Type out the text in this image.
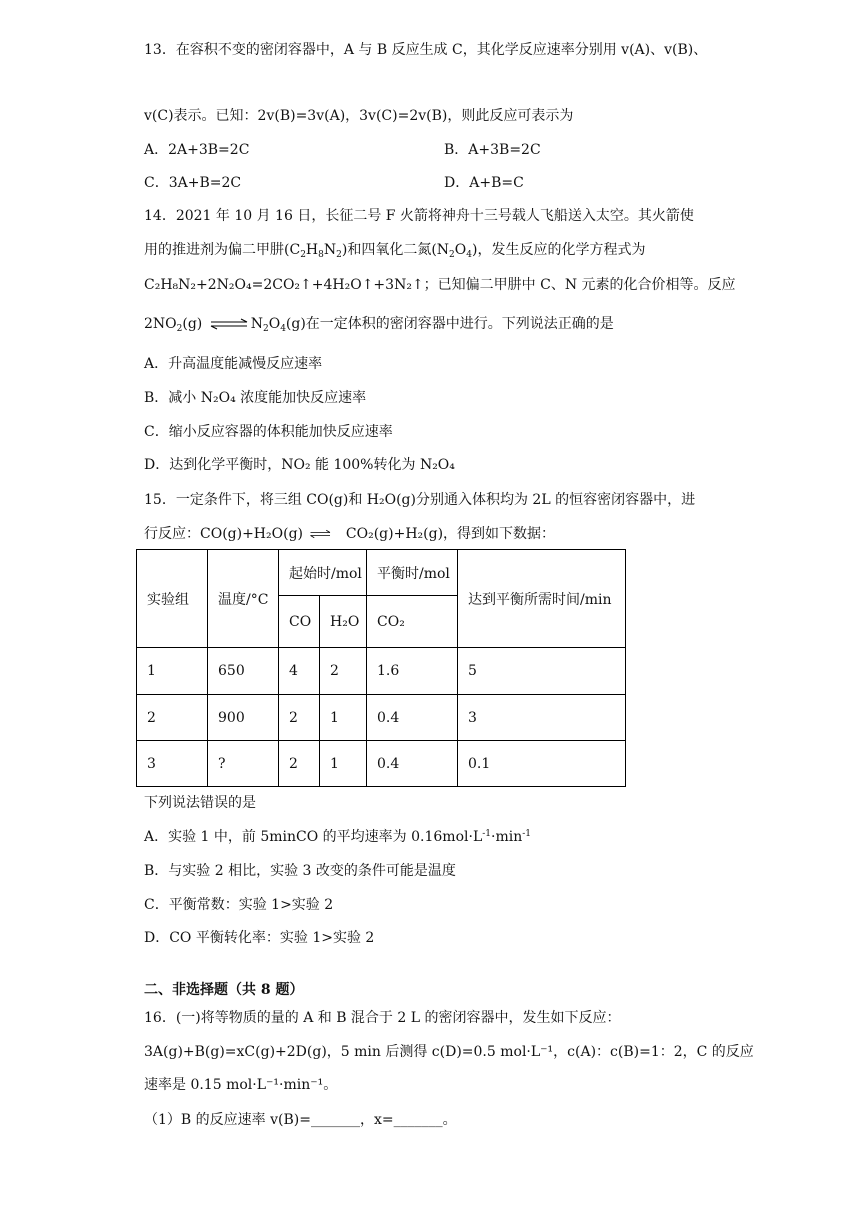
13．在容积不变的密闭容器中，A 与 B 反应生成 C，其化学反应速率分别用 v(A)、v(B)、
v(C)表示。已知：2v(B)=3v(A)，3v(C)=2v(B)，则此反应可表示为
A．2A+3B=2C	B．A+3B=2C
C．3A+B=2C	D．A+B=C
14．2021 年 10 月 16 日，长征二号 F 火箭将神舟十三号载人飞船送入太空。其火箭使
用的推进剂为偏二甲肼$(C_2H_8N_2)$和四氧化二氮$(N_2O_4)$，发生反应的化学方程式为
C₂H₈N₂+2N₂O₄=2CO₂↑+4H₂O↑+3N₂↑；已知偏二甲肼中 C、N 元素的化合价相等。反应
$2NO_2(g)$ ⇌ $N_2O_4(g)$在一定体积的密闭容器中进行。下列说法正确的是
A．升高温度能减慢反应速率
B．减小 N₂O₄ 浓度能加快反应速率
C．缩小反应容器的体积能加快反应速率
D．达到化学平衡时，NO₂ 能 100%转化为 N₂O₄
15．一定条件下，将三组 CO(g)和 H₂O(g)分别通入体积均为 2L 的恒容密闭容器中，进
行反应：CO(g)+H₂O(g) ⇌ CO₂(g)+H₂(g)，得到如下数据：
实验组	温度/°C	起始时/mol		平衡时/mol	达到平衡所需时间/min
		CO	H₂O	CO₂	
1	650	4	2	1.6	5
2	900	2	1	0.4	3
3	?	2	1	0.4	0.1
下列说法错误的是
A．实验 1 中，前 5minCO 的平均速率为 $0.16mol\cdot L^{-1}\cdot\min^{-1}$
B．与实验 2 相比，实验 3 改变的条件可能是温度
C．平衡常数：实验 1>实验 2
D．CO 平衡转化率：实验 1>实验 2
二、非选择题（共 8 题）
16．(一)将等物质的量的 A 和 B 混合于 2 L 的密闭容器中，发生如下反应：
3A(g)+B(g)=xC(g)+2D(g)，5 min 后测得 c(D)=0.5 mol·L⁻¹，c(A)：c(B)=1：2，C 的反应
速率是 0.15 mol·L⁻¹·min⁻¹。
（1）B 的反应速率 v(B)=_______，x=_______。
